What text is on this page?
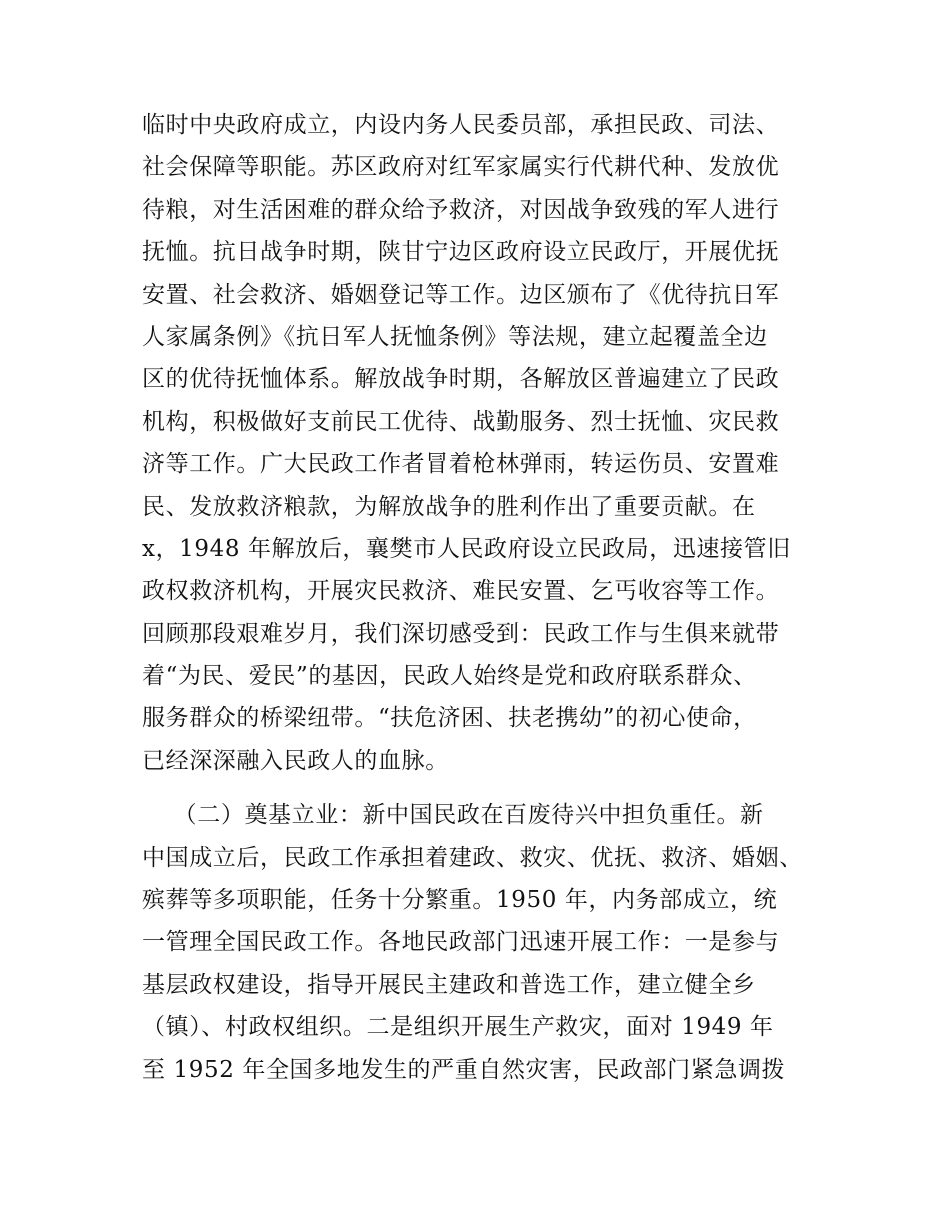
临时中央政府成立，内设内务人民委员部，承担民政、司法、
社会保障等职能。苏区政府对红军家属实行代耕代种、发放优
待粮，对生活困难的群众给予救济，对因战争致残的军人进行
抚恤。抗日战争时期，陕甘宁边区政府设立民政厅，开展优抚
安置、社会救济、婚姻登记等工作。边区颁布了《优待抗日军
人家属条例》《抗日军人抚恤条例》等法规，建立起覆盖全边
区的优待抚恤体系。解放战争时期，各解放区普遍建立了民政
机构，积极做好支前民工优待、战勤服务、烈士抚恤、灾民救
济等工作。广大民政工作者冒着枪林弹雨，转运伤员、安置难
民、发放救济粮款，为解放战争的胜利作出了重要贡献。在
x，1948 年解放后，襄樊市人民政府设立民政局，迅速接管旧
政权救济机构，开展灾民救济、难民安置、乞丐收容等工作。
回顾那段艰难岁月，我们深切感受到：民政工作与生俱来就带
着“为民、爱民”的基因，民政人始终是党和政府联系群众、
服务群众的桥梁纽带。“扶危济困、扶老携幼”的初心使命，
已经深深融入民政人的血脉。
（二）奠基立业：新中国民政在百废待兴中担负重任。新
中国成立后，民政工作承担着建政、救灾、优抚、救济、婚姻、
殡葬等多项职能，任务十分繁重。1950 年，内务部成立，统
一管理全国民政工作。各地民政部门迅速开展工作：一是参与
基层政权建设，指导开展民主建政和普选工作，建立健全乡
（镇）、村政权组织。二是组织开展生产救灾，面对 1949 年
至 1952 年全国多地发生的严重自然灾害，民政部门紧急调拨
